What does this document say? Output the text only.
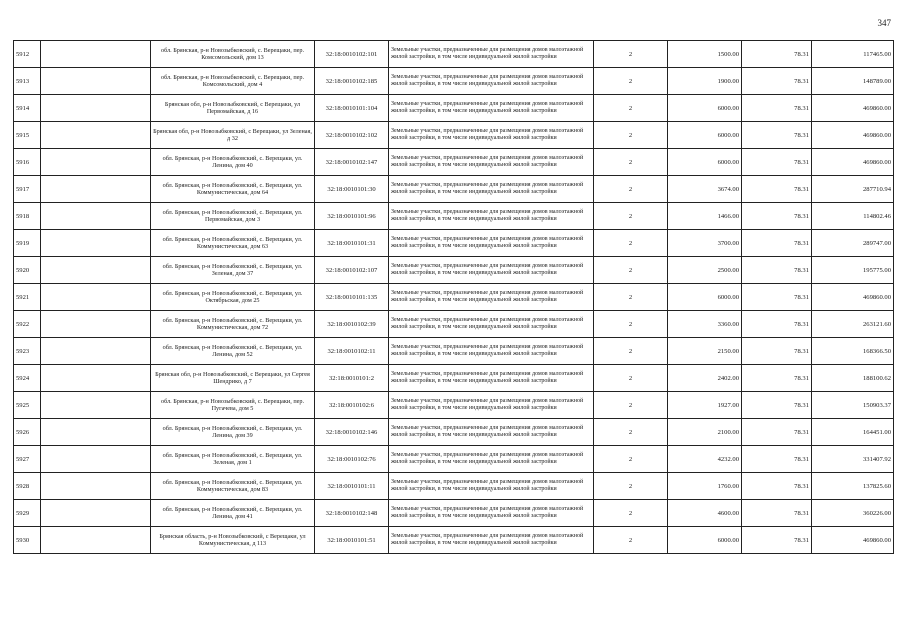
347
5912		обл. Брянская, р-н Новозыбковский, с. Верещаки, пер. Комсомольский, дом 13	32:18:0010102:101	Земельные участки, предназначенные для размещения домов малоэтажной жилой застройки, в том числе индивидуальной жилой застройки	2	1500.00	78.31	117465.00
5913		обл. Брянская, р-н Новозыбковский, с. Верещаки, пер. Комсомольский, дом 4	32:18:0010102:185	Земельные участки, предназначенные для размещения домов малоэтажной жилой застройки, в том числе индивидуальной жилой застройки	2	1900.00	78.31	148789.00
5914		Брянская обл, р-н Новозыбковский, с Верещаки, ул Первомайская, д 16	32:18:0010101:104	Земельные участки, предназначенные для размещения домов малоэтажной жилой застройки, в том числе индивидуальной жилой застройки	2	6000.00	78.31	469860.00
5915		Брянская обл, р-н Новозыбковский, с Верещаки, ул Зеленая, д 32	32:18:0010102:102	Земельные участки, предназначенные для размещения домов малоэтажной жилой застройки, в том числе индивидуальной жилой застройки	2	6000.00	78.31	469860.00
5916		обл. Брянская, р-н Новозыбковский, с. Верещаки, ул. Ленина, дом 40	32:18:0010102:147	Земельные участки, предназначенные для размещения домов малоэтажной жилой застройки, в том числе индивидуальной жилой застройки	2	6000.00	78.31	469860.00
5917		обл. Брянская, р-н Новозыбковский, с. Верещаки, ул. Коммунистическая, дом 64	32:18:0010101:30	Земельные участки, предназначенные для размещения домов малоэтажной жилой застройки, в том числе индивидуальной жилой застройки	2	3674.00	78.31	287710.94
5918		обл. Брянская, р-н Новозыбковский, с. Верещаки, ул. Первомайская, дом 3	32:18:0010101:96	Земельные участки, предназначенные для размещения домов малоэтажной жилой застройки, в том числе индивидуальной жилой застройки	2	1466.00	78.31	114802.46
5919		обл. Брянская, р-н Новозыбковский, с. Верещаки, ул. Коммунистическая, дом 63	32:18:0010101:31	Земельные участки, предназначенные для размещения домов малоэтажной жилой застройки, в том числе индивидуальной жилой застройки	2	3700.00	78.31	289747.00
5920		обл. Брянская, р-н Новозыбковский, с. Верещаки, ул. Зеленая, дом 37	32:18:0010102:107	Земельные участки, предназначенные для размещения домов малоэтажной жилой застройки, в том числе индивидуальной жилой застройки	2	2500.00	78.31	195775.00
5921		обл. Брянская, р-н Новозыбковский, с. Верещаки, ул. Октябрьская, дом 25	32:18:0010101:135	Земельные участки, предназначенные для размещения домов малоэтажной жилой застройки, в том числе индивидуальной жилой застройки	2	6000.00	78.31	469860.00
5922		обл. Брянская, р-н Новозыбковский, с. Верещаки, ул. Коммунистическая, дом 72	32:18:0010102:39	Земельные участки, предназначенные для размещения домов малоэтажной жилой застройки, в том числе индивидуальной жилой застройки	2	3360.00	78.31	263121.60
5923		обл. Брянская, р-н Новозыбковский, с. Верещаки, ул. Ленина, дом 52	32:18:0010102:11	Земельные участки, предназначенные для размещения домов малоэтажной жилой застройки, в том числе индивидуальной жилой застройки	2	2150.00	78.31	168366.50
5924		Брянская обл, р-н Новозыбковский, с Верещаки, ул Сергея Шендрико, д 7	32:18:0010101:2	Земельные участки, предназначенные для размещения домов малоэтажной жилой застройки, в том числе индивидуальной жилой застройки	2	2402.00	78.31	188100.62
5925		обл. Брянская, р-н Новозыбковский, с. Верещаки, пер. Пугачева, дом 5	32:18:0010102:6	Земельные участки, предназначенные для размещения домов малоэтажной жилой застройки, в том числе индивидуальной жилой застройки	2	1927.00	78.31	150903.37
5926		обл. Брянская, р-н Новозыбковский, с. Верещаки, ул. Ленина, дом 39	32:18:0010102:146	Земельные участки, предназначенные для размещения домов малоэтажной жилой застройки, в том числе индивидуальной жилой застройки	2	2100.00	78.31	164451.00
5927		обл. Брянская, р-н Новозыбковский, с. Верещаки, ул. Зеленая, дом 1	32:18:0010102:76	Земельные участки, предназначенные для размещения домов малоэтажной жилой застройки, в том числе индивидуальной жилой застройки	2	4232.00	78.31	331407.92
5928		обл. Брянская, р-н Новозыбковский, с. Верещаки, ул. Коммунистическая, дом 83	32:18:0010101:11	Земельные участки, предназначенные для размещения домов малоэтажной жилой застройки, в том числе индивидуальной жилой застройки	2	1760.00	78.31	137825.60
5929		обл. Брянская, р-н Новозыбковский, с. Верещаки, ул. Ленина, дом 41	32:18:0010102:148	Земельные участки, предназначенные для размещения домов малоэтажной жилой застройки, в том числе индивидуальной жилой застройки	2	4600.00	78.31	360226.00
5930		Брянская область, р-н Новозыбковский, с Верещаки, ул Коммунистическая, д 113	32:18:0010101:51	Земельные участки, предназначенные для размещения домов малоэтажной жилой застройки, в том числе индивидуальной жилой застройки	2	6000.00	78.31	469860.00
